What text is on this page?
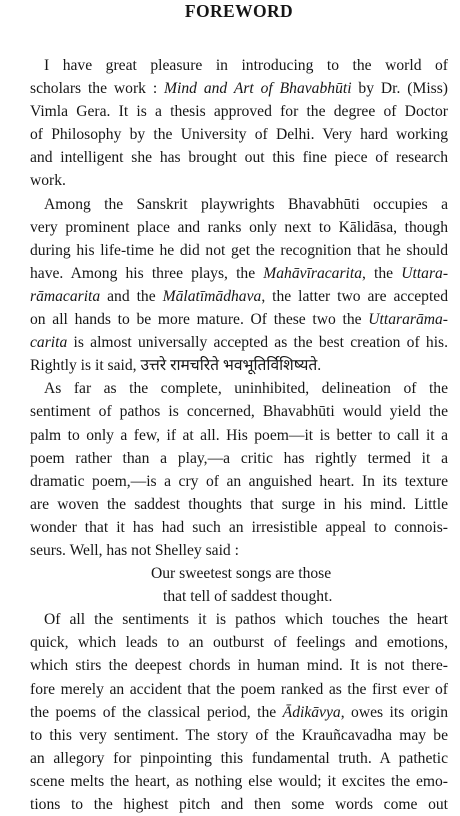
FOREWORD
I have great pleasure in introducing to the world of
scholars the work : Mind and Art of Bhavabhūti by Dr. (Miss)
Vimla Gera. It is a thesis approved for the degree of Doctor
of Philosophy by the University of Delhi. Very hard working
and intelligent she has brought out this fine piece of research
work.
Among the Sanskrit playwrights Bhavabhūti occupies a
very prominent place and ranks only next to Kālidāsa, though
during his life-time he did not get the recognition that he should
have. Among his three plays, the Mahāvīracarita, the Uttara-
rāmacarita and the Mālatīmādhava, the latter two are accepted
on all hands to be more mature. Of these two the Uttararāma-
carita is almost universally accepted as the best creation of his.
Rightly is it said, उत्तरे रामचरिते भवभूतिर्विशिष्यते.
As far as the complete, uninhibited, delineation of the
sentiment of pathos is concerned, Bhavabhūti would yield the
palm to only a few, if at all. His poem—it is better to call it a
poem rather than a play,—a critic has rightly termed it a
dramatic poem,—is a cry of an anguished heart. In its texture
are woven the saddest thoughts that surge in his mind. Little
wonder that it has had such an irresistible appeal to connois-
seurs. Well, has not Shelley said :
Our sweetest songs are those
that tell of saddest thought.
Of all the sentiments it is pathos which touches the heart
quick, which leads to an outburst of feelings and emotions,
which stirs the deepest chords in human mind. It is not there-
fore merely an accident that the poem ranked as the first ever of
the poems of the classical period, the Ādikāvya, owes its origin
to this very sentiment. The story of the Krauñcavadha may be
an allegory for pinpointing this fundamental truth. A pathetic
scene melts the heart, as nothing else would; it excites the emo-
tions to the highest pitch and then some words come out
